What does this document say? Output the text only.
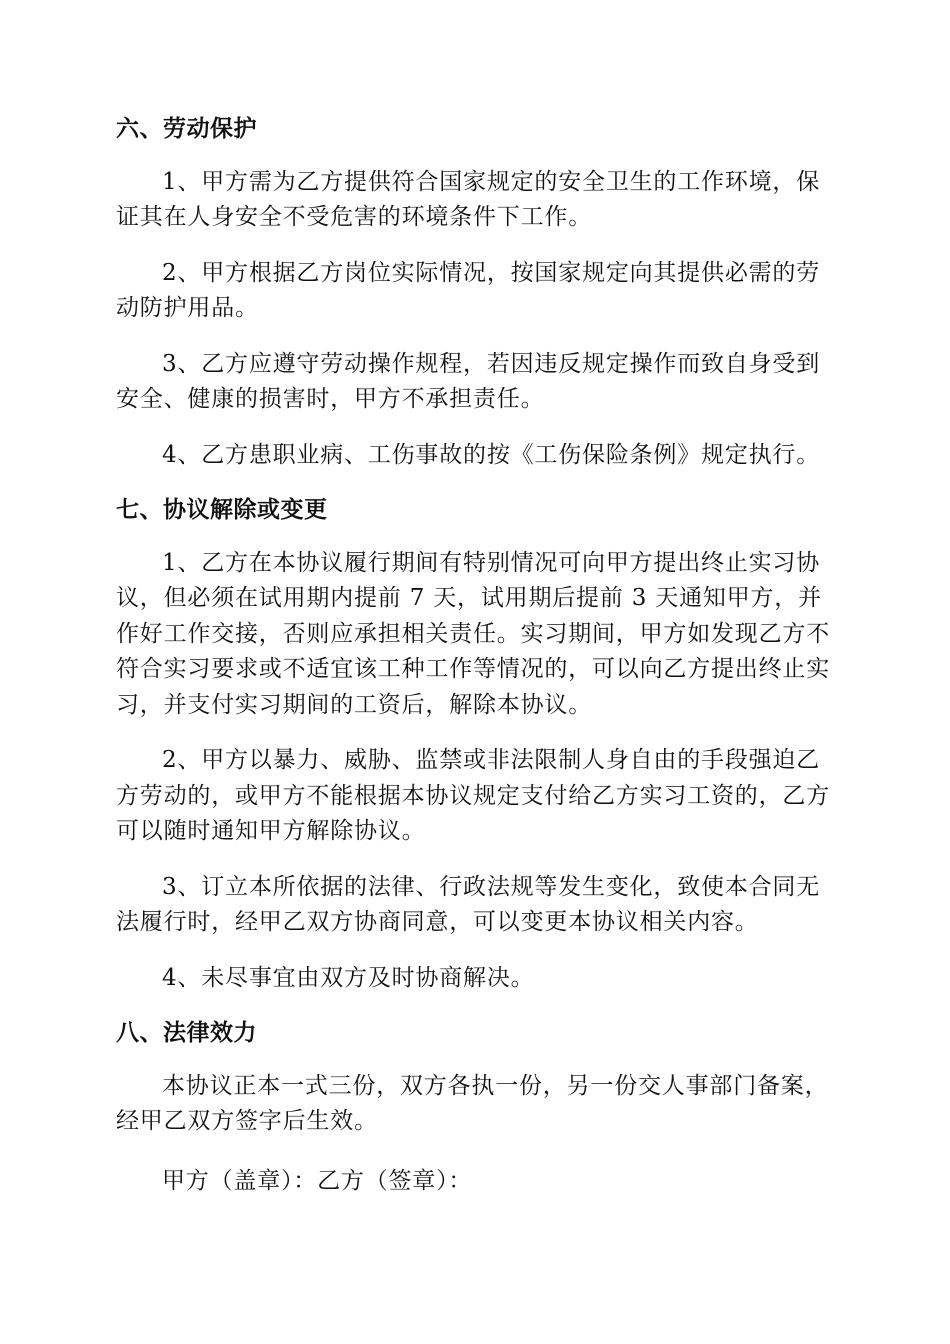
六、劳动保护

1、甲方需为乙方提供符合国家规定的安全卫生的工作环境，保证其在人身安全不受危害的环境条件下工作。

2、甲方根据乙方岗位实际情况，按国家规定向其提供必需的劳动防护用品。

3、乙方应遵守劳动操作规程，若因违反规定操作而致自身受到安全、健康的损害时，甲方不承担责任。

4、乙方患职业病、工伤事故的按《工伤保险条例》规定执行。

七、协议解除或变更

1、乙方在本协议履行期间有特别情况可向甲方提出终止实习协议，但必须在试用期内提前 7 天，试用期后提前 3 天通知甲方，并作好工作交接，否则应承担相关责任。实习期间，甲方如发现乙方不符合实习要求或不适宜该工种工作等情况的，可以向乙方提出终止实习，并支付实习期间的工资后，解除本协议。

2、甲方以暴力、威胁、监禁或非法限制人身自由的手段强迫乙方劳动的，或甲方不能根据本协议规定支付给乙方实习工资的，乙方可以随时通知甲方解除协议。

3、订立本所依据的法律、行政法规等发生变化，致使本合同无法履行时，经甲乙双方协商同意，可以变更本协议相关内容。

4、未尽事宜由双方及时协商解决。

八、法律效力

本协议正本一式三份，双方各执一份，另一份交人事部门备案，经甲乙双方签字后生效。

甲方（盖章）：乙方（签章）：
